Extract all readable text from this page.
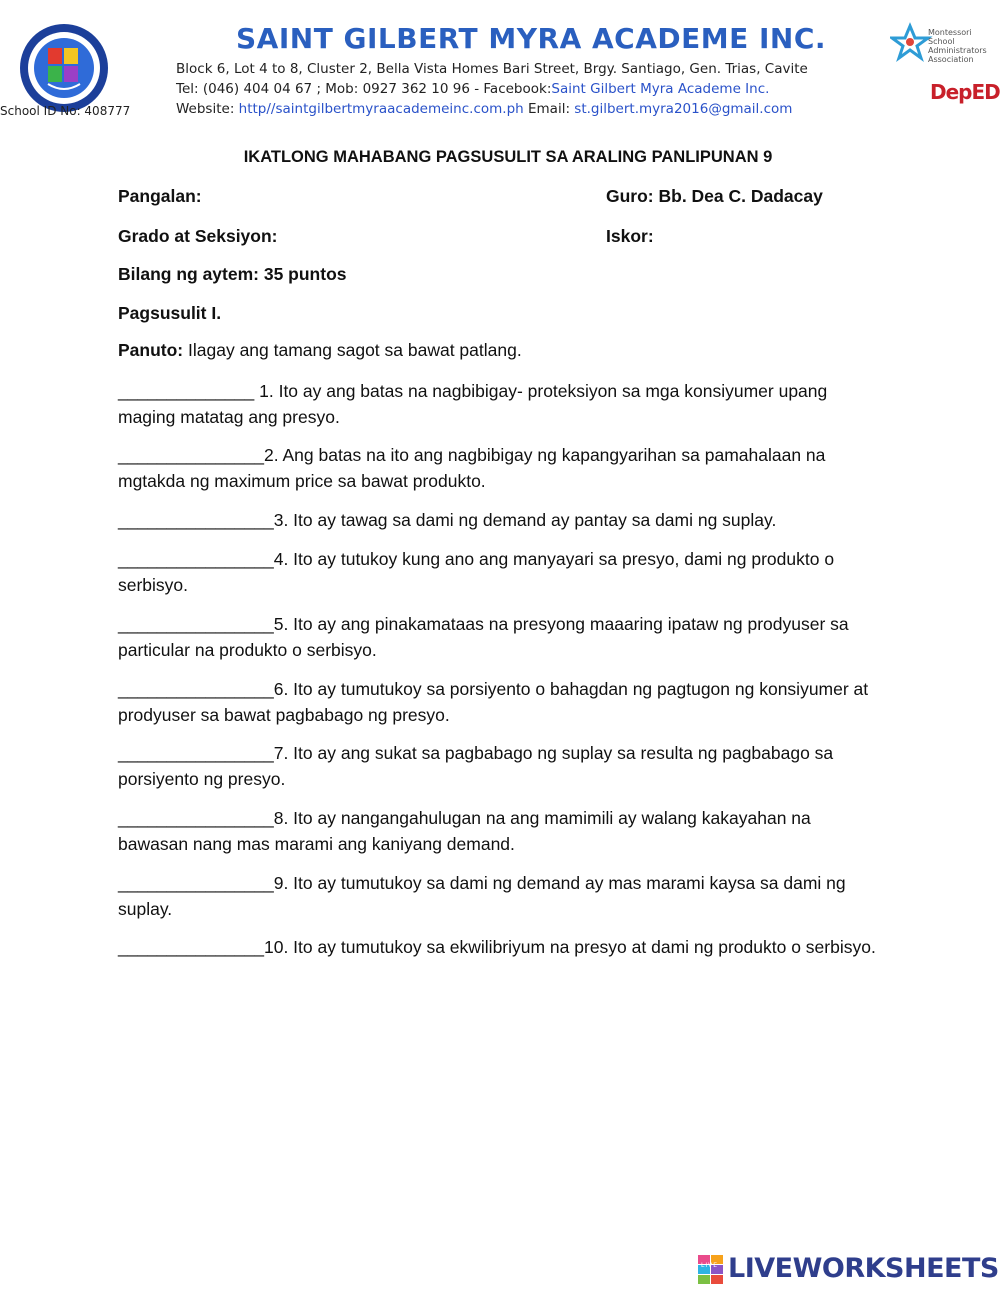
School ID No: 408777
SAINT GILBERT MYRA ACADEME INC.
Block 6, Lot 4 to 8, Cluster 2, Bella Vista Homes Bari Street, Brgy. Santiago, Gen. Trias, Cavite
Tel: (046) 404 04 67 ; Mob: 0927 362 10 96 - Facebook:Saint Gilbert Myra Academe Inc.
Website: http//saintgilbertmyraacademeinc.com.ph Email: st.gilbert.myra2016@gmail.com
Montessori School Administrators Association
DepED
IKATLONG MAHABANG PAGSUSULIT SA ARALING PANLIPUNAN 9
Pangalan:	Guro: Bb. Dea C. Dadacay
Grado at Seksiyon:	Iskor:
Bilang ng aytem: 35 puntos
Pagsusulit I.
Panuto: Ilagay ang tamang sagot sa bawat patlang.
______________ 1. Ito ay ang batas na nagbibigay- proteksiyon sa mga konsiyumer upang maging matatag ang presyo.
_______________2. Ang batas na ito ang nagbibigay ng kapangyarihan sa pamahalaan na mgtakda ng maximum price sa bawat produkto.
________________3. Ito ay tawag sa dami ng demand ay pantay sa dami ng suplay.
________________4. Ito ay tutukoy kung ano ang manyayari sa presyo, dami ng produkto o serbisyo.
________________5. Ito ay ang pinakamataas na presyong maaaring ipataw ng prodyuser sa particular na produkto o serbisyo.
________________6. Ito ay tumutukoy sa porsiyento o bahagdan ng pagtugon ng konsiyumer at prodyuser sa bawat pagbabago ng presyo.
________________7. Ito ay ang sukat sa pagbabago ng suplay sa resulta ng pagbabago sa porsiyento ng presyo.
________________8. Ito ay nangangahulugan na ang mamimili ay walang kakayahan na bawasan nang mas marami ang kaniyang demand.
________________9. Ito ay tumutukoy sa dami ng demand ay mas marami kaysa sa dami ng suplay.
_______________10. Ito ay tumutukoy sa ekwilibriyum na presyo at dami ng produkto o serbisyo.
LIVEWORKSHEETS
LIVE
